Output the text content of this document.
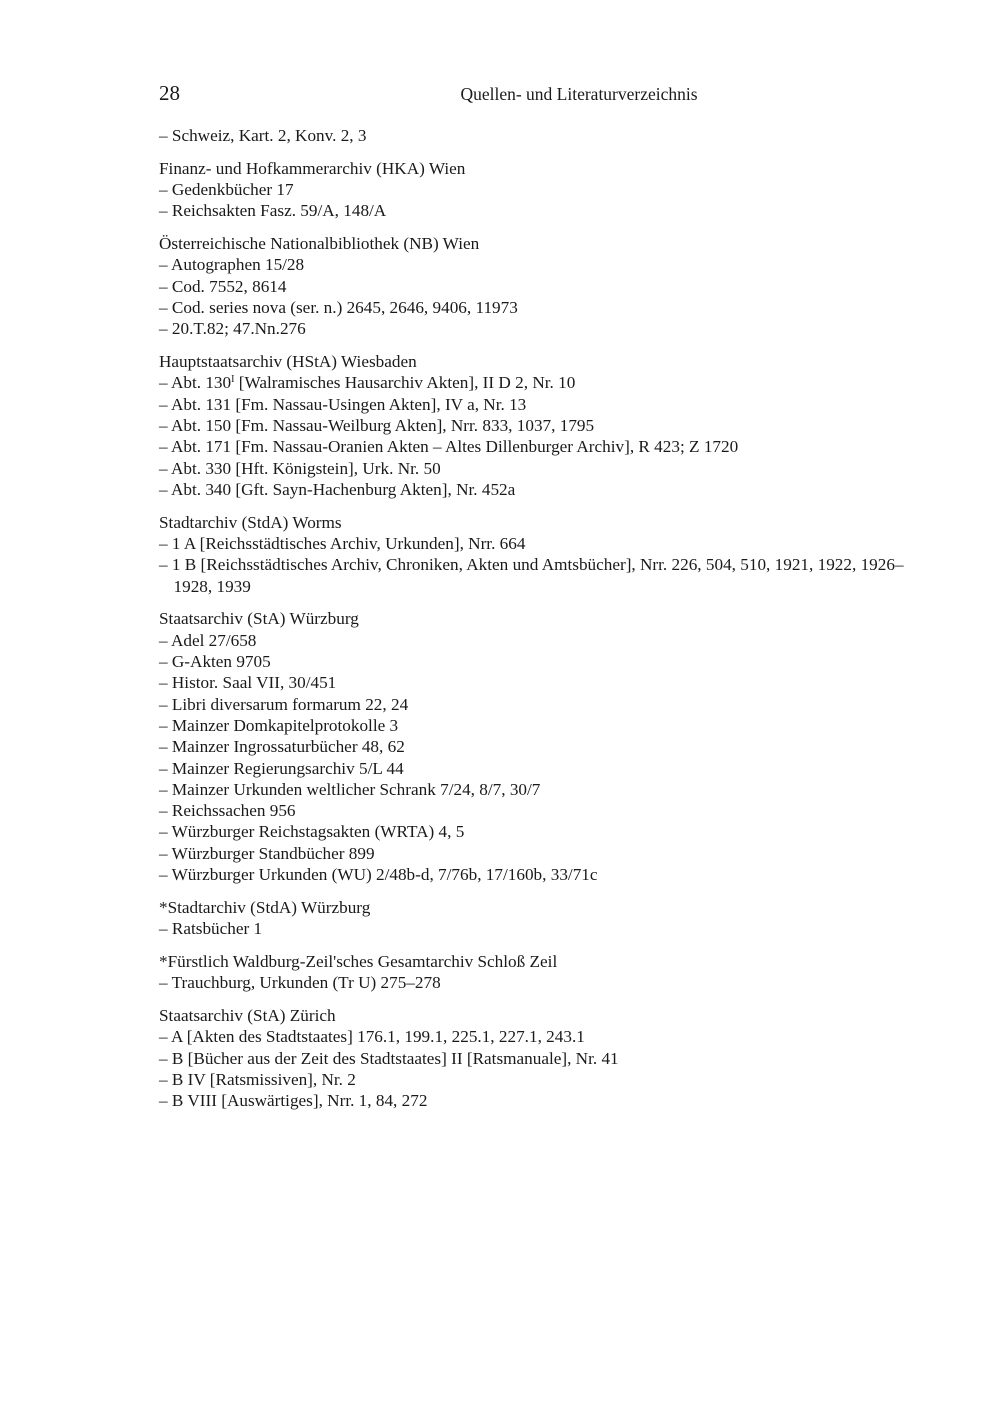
28	Quellen- und Literaturverzeichnis
– Schweiz, Kart. 2, Konv. 2, 3
Finanz- und Hofkammerarchiv (HKA) Wien
– Gedenkbücher 17
– Reichsakten Fasz. 59/A, 148/A
Österreichische Nationalbibliothek (NB) Wien
– Autographen 15/28
– Cod. 7552, 8614
– Cod. series nova (ser. n.) 2645, 2646, 9406, 11973
– 20.T.82; 47.Nn.276
Hauptstaatsarchiv (HStA) Wiesbaden
– Abt. $130^I$ [Walramisches Hausarchiv Akten], II D 2, Nr. 10
– Abt. 131 [Fm. Nassau-Usingen Akten], IV a, Nr. 13
– Abt. 150 [Fm. Nassau-Weilburg Akten], Nrr. 833, 1037, 1795
– Abt. 171 [Fm. Nassau-Oranien Akten – Altes Dillenburger Archiv], R 423; Z 1720
– Abt. 330 [Hft. Königstein], Urk. Nr. 50
– Abt. 340 [Gft. Sayn-Hachenburg Akten], Nr. 452a
Stadtarchiv (StdA) Worms
– 1 A [Reichsstädtisches Archiv, Urkunden], Nrr. 664
– 1 B [Reichsstädtisches Archiv, Chroniken, Akten und Amtsbücher], Nrr. 226, 504, 510, 1921, 1922, 1926–1928, 1939
Staatsarchiv (StA) Würzburg
– Adel 27/658
– G-Akten 9705
– Histor. Saal VII, 30/451
– Libri diversarum formarum 22, 24
– Mainzer Domkapitelprotokolle 3
– Mainzer Ingrossaturbücher 48, 62
– Mainzer Regierungsarchiv 5/L 44
– Mainzer Urkunden weltlicher Schrank 7/24, 8/7, 30/7
– Reichssachen 956
– Würzburger Reichstagsakten (WRTA) 4, 5
– Würzburger Standbücher 899
– Würzburger Urkunden (WU) 2/48b-d, 7/76b, 17/160b, 33/71c
*Stadtarchiv (StdA) Würzburg
– Ratsbücher 1
*Fürstlich Waldburg-Zeil'sches Gesamtarchiv Schloß Zeil
– Trauchburg, Urkunden (Tr U) 275–278
Staatsarchiv (StA) Zürich
– A [Akten des Stadtstaates] 176.1, 199.1, 225.1, 227.1, 243.1
– B [Bücher aus der Zeit des Stadtstaates] II [Ratsmanuale], Nr. 41
– B IV [Ratsmissiven], Nr. 2
– B VIII [Auswärtiges], Nrr. 1, 84, 272
